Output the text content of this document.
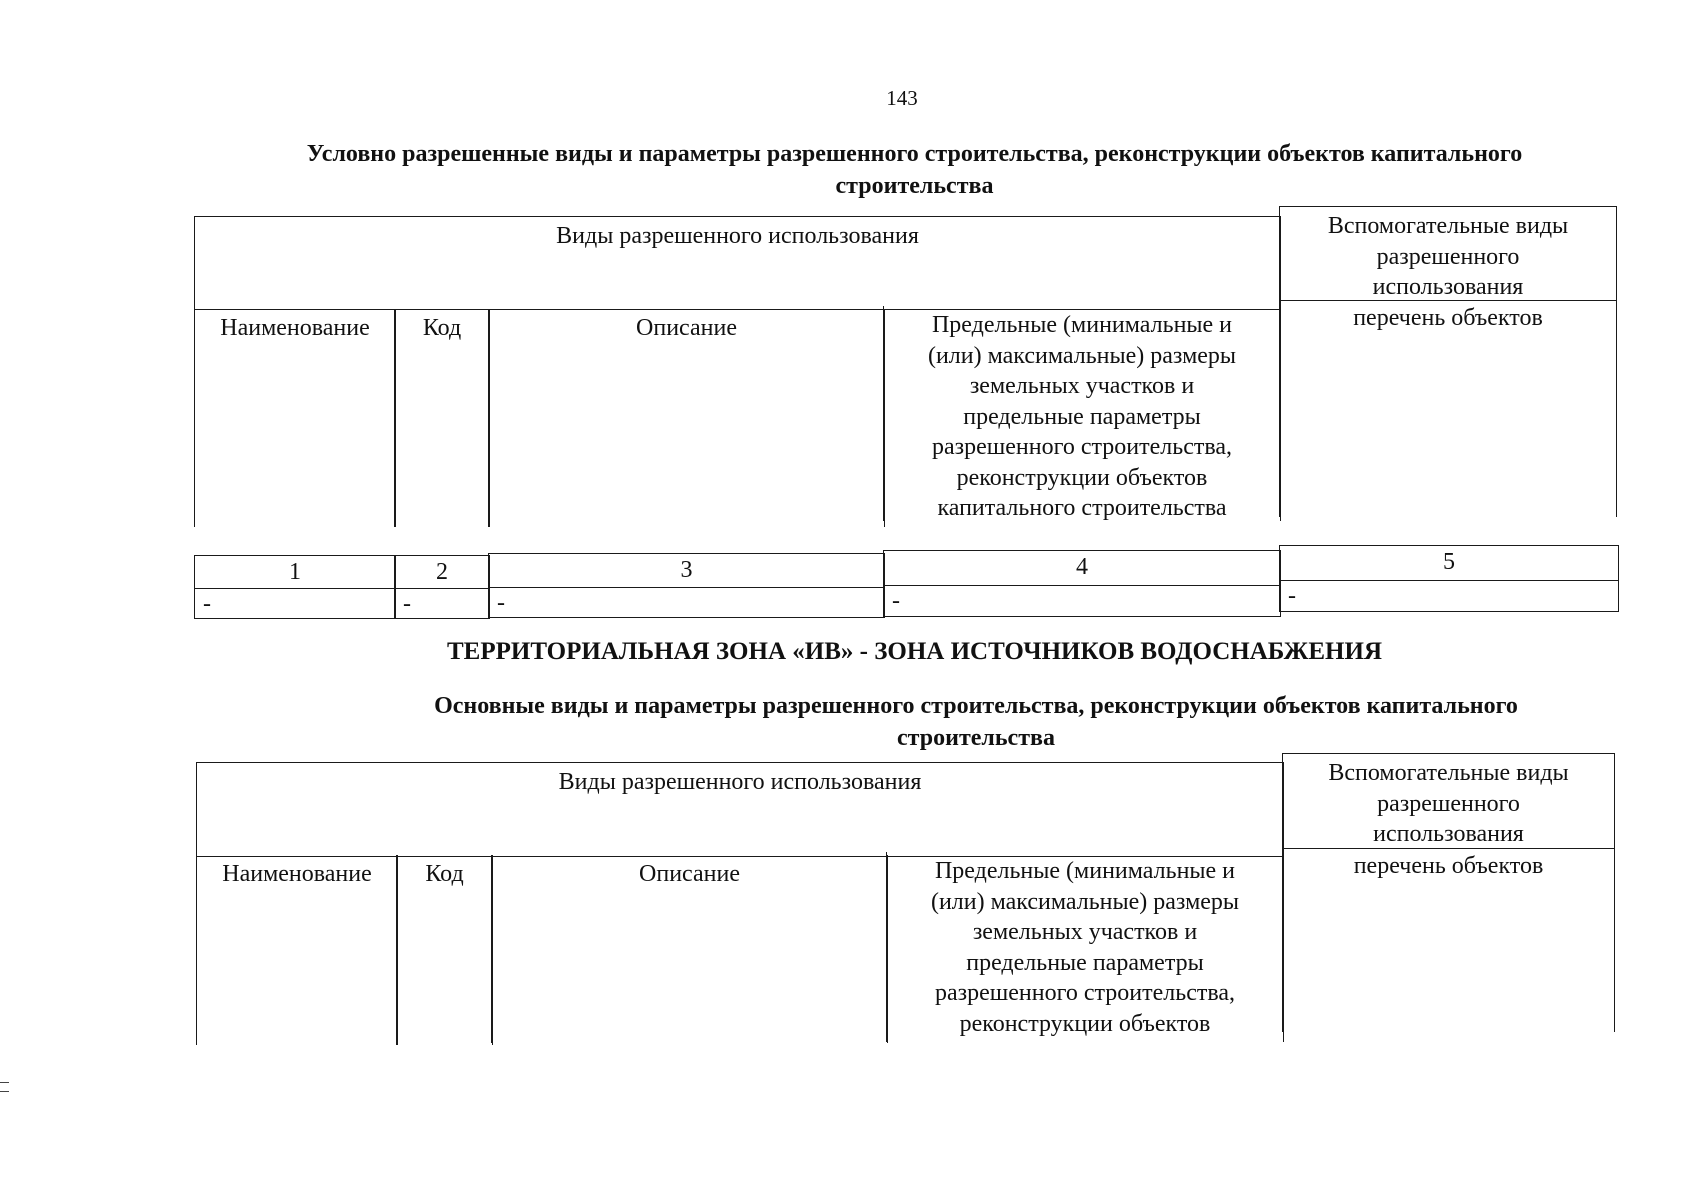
143
Условно разрешенные виды и параметры разрешенного строительства, реконструкции объектов капитального
строительства
Виды разрешенного использования	Вспомогательные виды разрешенного использования
Наименование	Код	Описание	Предельные (минимальные и (или) максимальные) размеры земельных участков и предельные параметры разрешенного строительства, реконструкции объектов капитального строительства
перечень объектов
1	2	3	4	5
-	-	-	-	-
ТЕРРИТОРИАЛЬНАЯ ЗОНА «ИВ» - ЗОНА ИСТОЧНИКОВ ВОДОСНАБЖЕНИЯ
Основные виды и параметры разрешенного строительства, реконструкции объектов капитального
строительства
Виды разрешенного использования	Вспомогательные виды разрешенного использования
Наименование	Код	Описание	Предельные (минимальные и (или) максимальные) размеры земельных участков и предельные параметры разрешенного строительства, реконструкции объектов
перечень объектов
